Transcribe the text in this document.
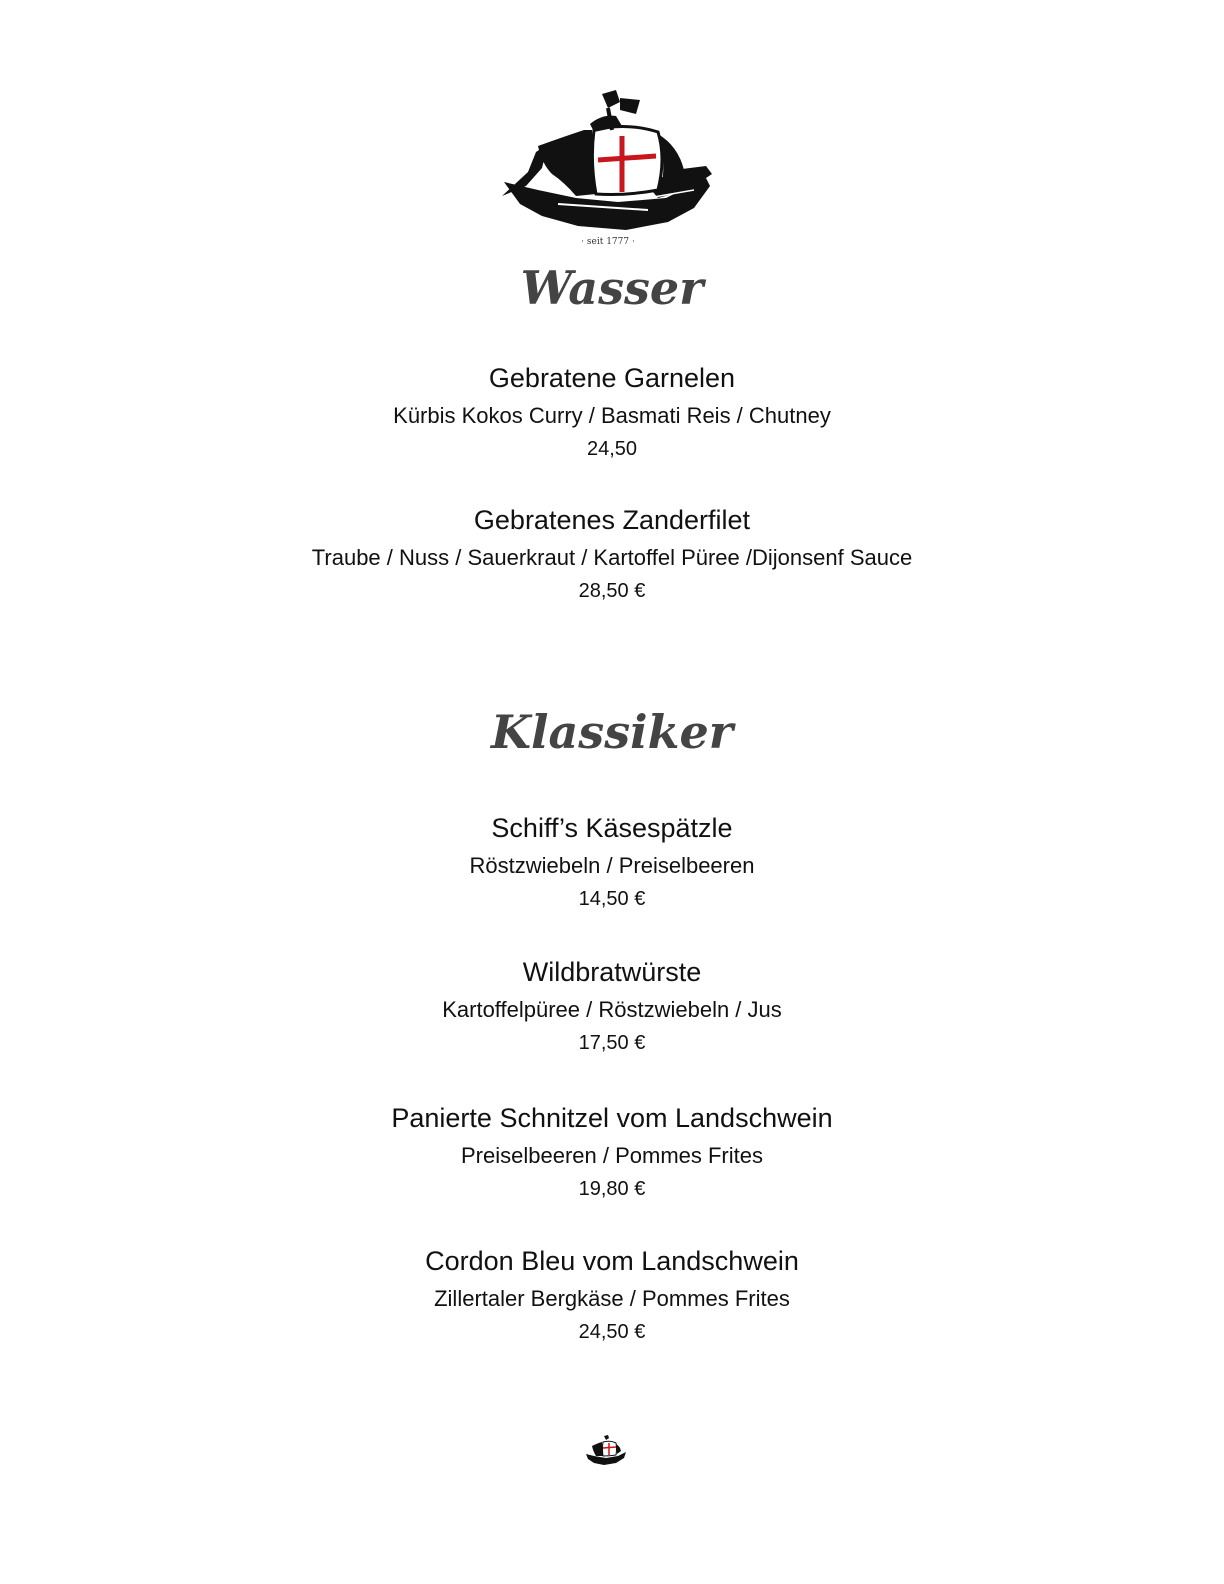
· seit 1777 ·
Wasser
Gebratene Garnelen
Kürbis Kokos Curry / Basmati Reis / Chutney
24,50
Gebratenes Zanderfilet
Traube / Nuss / Sauerkraut / Kartoffel Püree /Dijonsenf Sauce
28,50 €
Klassiker
Schiff’s Käsespätzle
Röstzwiebeln / Preiselbeeren
14,50 €
Wildbratwürste
Kartoffelpüree / Röstzwiebeln / Jus
17,50 €
Panierte Schnitzel vom Landschwein
Preiselbeeren / Pommes Frites
19,80 €
Cordon Bleu vom Landschwein
Zillertaler Bergkäse / Pommes Frites
24,50 €
